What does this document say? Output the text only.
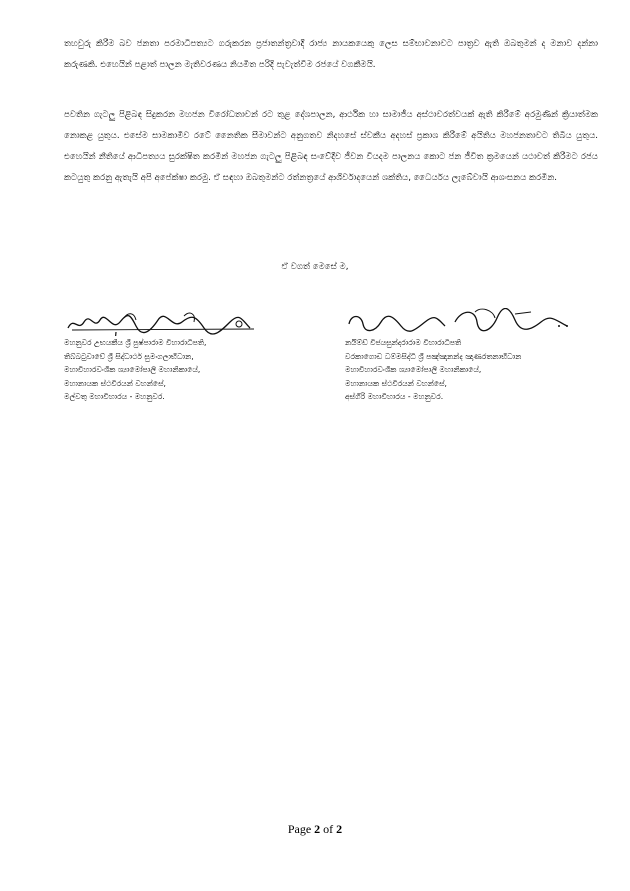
තහවුරු කිරීම බව ජනතා පරමාධිපත්‍යට ගරුකරන ප්‍රජාතන්ත්‍රවාදී රාජ්‍ය නායකයෙකු ලෙස සම්භාවනාවට පාත්‍රව ඇති ඔබතුමන් ද මනාව දන්නා කරුණකි. එහෙයින් පළාත් පාලන මැතිවරණය නියමිත පරිදි පැවැත්වීම රජයේ වගකීමයි.

පවතින ගැටලු පිළිබඳ සිදුකරන මහජන විරෝධතාවන් රට තුළ දේශපාලන, ආර්ථික හා සාමාජීය අස්ථාවරත්වයක් ඇති කිරීමේ අරමුණින් ක්‍රියාත්මක නොකළ යුතුය. එසේම සාමකාමීව රටේ නෛතික සීමාවන්ට අනුගතව නිදහසේ ස්වකීය අදහස් ප්‍රකාශ කිරීමේ අයිතිය මහජනතාවට තිබිය යුතුය. එහෙයින් නීතියේ ආධිපත්‍යය සුරක්ෂිත කරමින් මහජන ගැටලු පිළිබඳ සංවේදීව ජීවන වියදම පාලනය කොට ජන ජීවිත ක්‍රමයෙන් යථාවත් කිරීමට රජය කටයුතු කරනු ඇතැයි අපි අපේක්ෂා කරමු. ඒ සඳහා ඔබතුමන්ට රත්නත්‍රයේ ආශිර්වාදයෙන් ශක්තිය, ධෛර්යය ලැබේවායි ආශංසනය කරමින.

ඒ වගත් මෙසේ ම,
මහනුවර උභයකීය ශ්‍රී පුෂ්පාරාම විහාරාධිපති,
තිබ්බටුවාවේ ශ්‍රී සිද්ධාර්ථ සුමංගලාභිධාන,
මහාවිහාරවංශික ශ්‍යාමෝපාලි මහානිකායේ,
මහානායක ස්ථවිරයන් වහන්සේ,
මල්වතු මහාවිහාරය - මහනුවර.
නයිම්ඩ් විජයසුන්දරාරාම විහාරාධිපති
වරකාගොඩ ධම්මසිද්ධි ශ්‍රී පඤ්ඤානන්ද ඤාණරතනාභිධාන
මහාවිහාරවංශික ශ්‍යාමෝපාලි මහානිකායේ,
මහානායක ස්ථවිරයන් වහන්සේ,
අස්ගිරි මහාවිහාරය - මහනුවර.
Page 2 of 2
